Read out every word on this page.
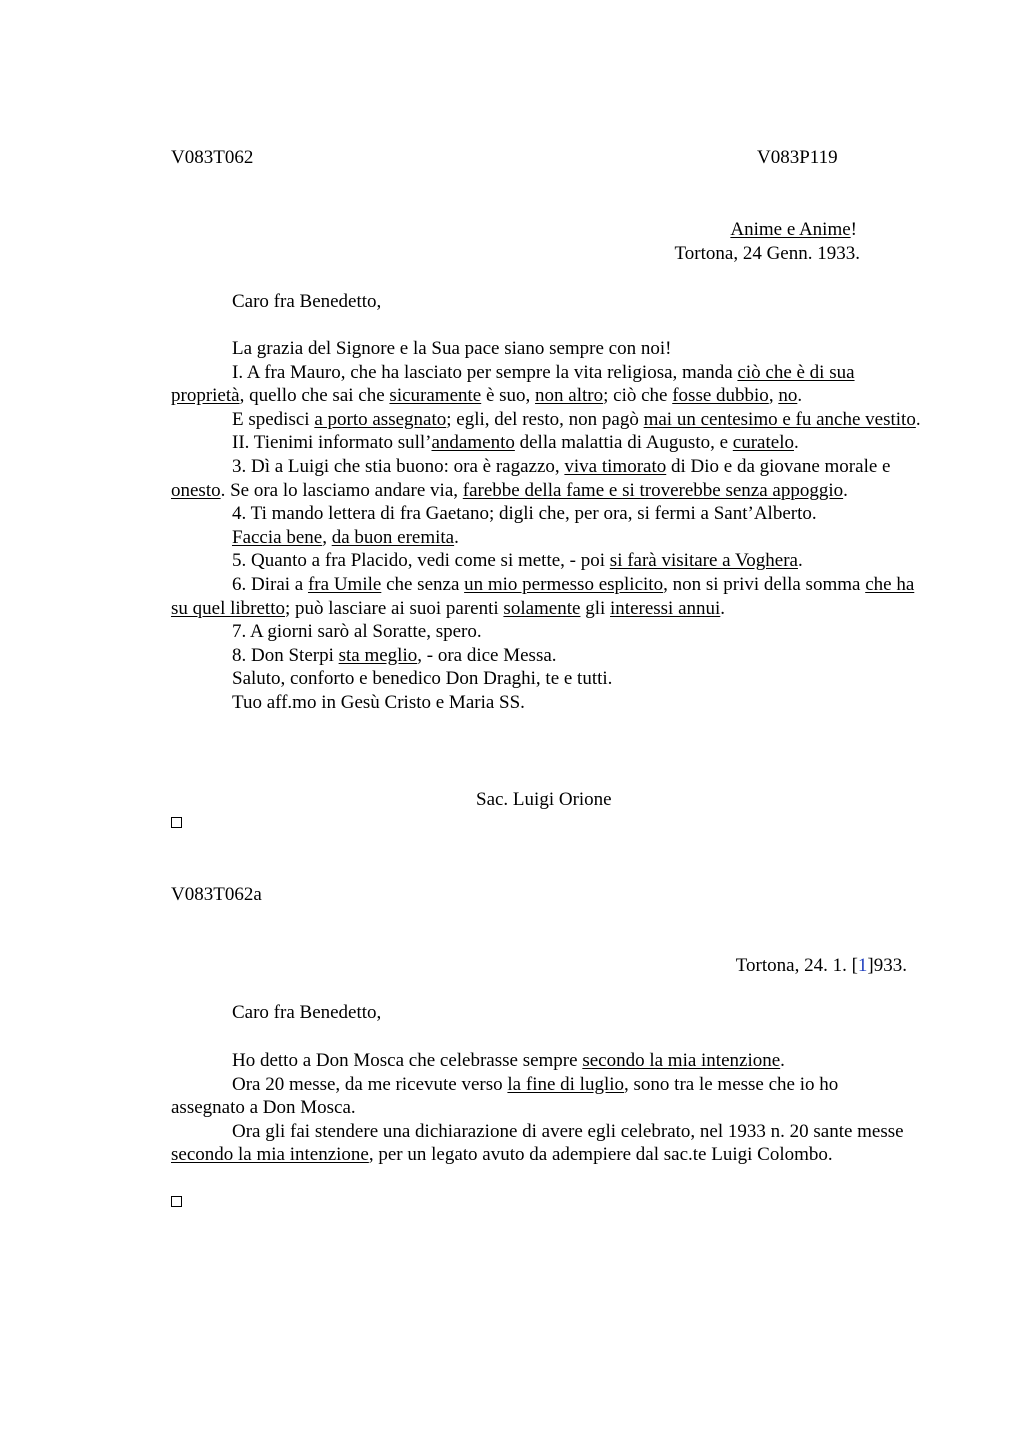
V083T062	V083P119
Anime e Anime!
Tortona, 24 Genn. 1933.
Caro fra Benedetto,

La grazia del Signore e la Sua pace siano sempre con noi!

I. A fra Mauro, che ha lasciato per sempre la vita religiosa, manda ciò che è di sua proprietà, quello che sai che sicuramente è suo, non altro; ciò che fosse dubbio, no.

E spedisci a porto assegnato; egli, del resto, non pagò mai un centesimo e fu anche vestito.

II. Tienimi informato sull’andamento della malattia di Augusto, e curatelo.

3. Dì a Luigi che stia buono: ora è ragazzo, viva timorato di Dio e da giovane morale e onesto. Se ora lo lasciamo andare via, farebbe della fame e si troverebbe senza appoggio.

4. Ti mando lettera di fra Gaetano; digli che, per ora, si fermi a Sant’Alberto.

Faccia bene, da buon eremita.

5. Quanto a fra Placido, vedi come si mette, - poi si farà visitare a Voghera.

6. Dirai a fra Umile che senza un mio permesso esplicito, non si privi della somma che ha su quel libretto; può lasciare ai suoi parenti solamente gli interessi annui.

7. A giorni sarò al Soratte, spero.

8. Don Sterpi sta meglio, - ora dice Messa.

Saluto, conforto e benedico Don Draghi, te e tutti.

Tuo aff.mo in Gesù Cristo e Maria SS.

Sac. Luigi Orione
V083T062a
Tortona, 24. 1. [1]933.
Caro fra Benedetto,

Ho detto a Don Mosca che celebrasse sempre secondo la mia intenzione.

Ora 20 messe, da me ricevute verso la fine di luglio, sono tra le messe che io ho assegnato a Don Mosca.

Ora gli fai stendere una dichiarazione di avere egli celebrato, nel 1933 n. 20 sante messe secondo la mia intenzione, per un legato avuto da adempiere dal sac.te Luigi Colombo.
